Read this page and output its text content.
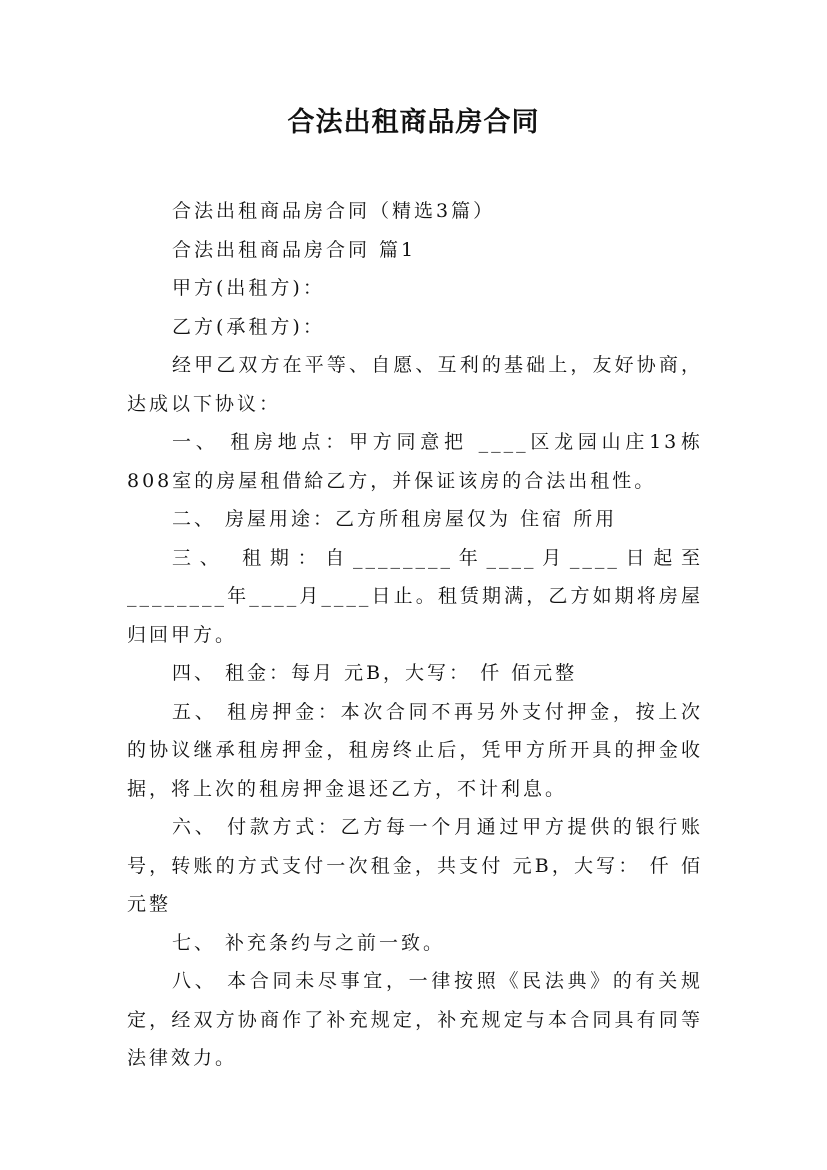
合法出租商品房合同

合法出租商品房合同（精选3篇）

合法出租商品房合同 篇1

甲方(出租方)：

乙方(承租方)：

经甲乙双方在平等、自愿、互利的基础上，友好协商，达成以下协议：

一、 租房地点：甲方同意把 ____区龙园山庄13栋808室的房屋租借給乙方，并保证该房的合法出租性。

二、 房屋用途：乙方所租房屋仅为 住宿 所用

三、 租期：自________年____月____日起至________年____月____日止。租赁期满，乙方如期将房屋归回甲方。

四、 租金：每月 元B，大写： 仟 佰元整

五、 租房押金：本次合同不再另外支付押金，按上次的协议继承租房押金，租房终止后，凭甲方所开具的押金收据，将上次的租房押金退还乙方，不计利息。

六、 付款方式：乙方每一个月通过甲方提供的银行账号，转账的方式支付一次租金，共支付 元B，大写： 仟 佰元整

七、 补充条约与之前一致。

八、 本合同未尽事宜，一律按照《民法典》的有关规定，经双方协商作了补充规定，补充规定与本合同具有同等法律效力。
